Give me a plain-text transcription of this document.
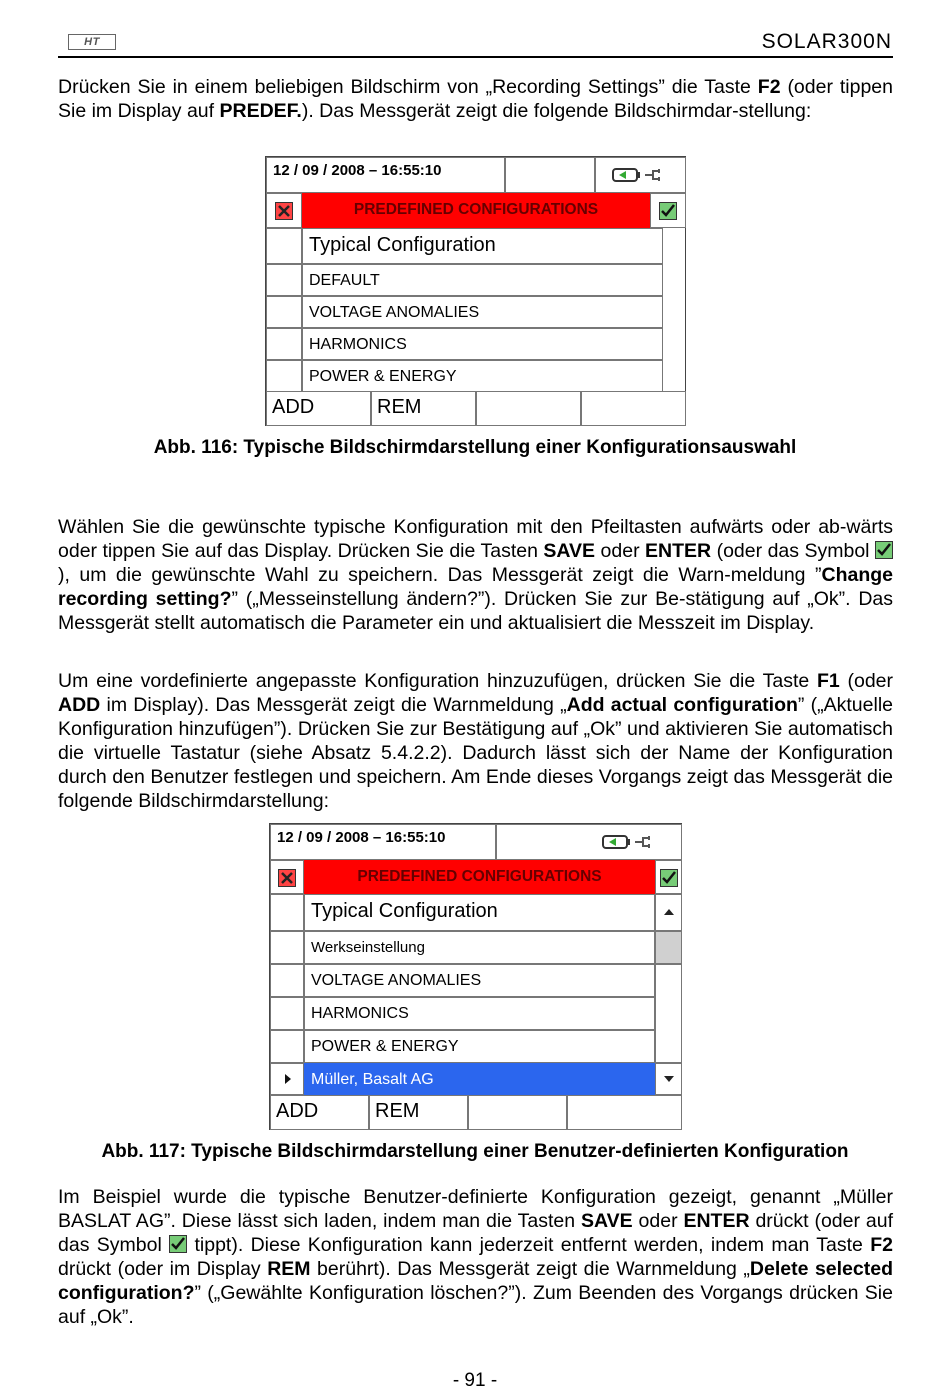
HT	SOLAR300N
Drücken Sie in einem beliebigen Bildschirm von „Recording Settings” die Taste F2 (oder tippen Sie im Display auf PREDEF.). Das Messgerät zeigt die folgende Bildschirmdar-stellung:
12 / 09 / 2008 – 16:55:10
PREDEFINED CONFIGURATIONS
Typical Configuration
DEFAULT
VOLTAGE ANOMALIES
HARMONICS
POWER & ENERGY
ADD	REM
Abb. 116: Typische Bildschirmdarstellung einer Konfigurationsauswahl
Wählen Sie die gewünschte typische Konfiguration mit den Pfeiltasten aufwärts oder ab-wärts oder tippen Sie auf das Display. Drücken Sie die Tasten SAVE oder ENTER (oder das Symbol ), um die gewünschte Wahl zu speichern. Das Messgerät zeigt die Warn-meldung ”Change recording setting?” („Messeinstellung ändern?”). Drücken Sie zur Be-stätigung auf „Ok”. Das Messgerät stellt automatisch die Parameter ein und aktualisiert die Messzeit im Display.
Um eine vordefinierte angepasste Konfiguration hinzuzufügen, drücken Sie die Taste F1 (oder ADD im Display). Das Messgerät zeigt die Warnmeldung „Add actual configuration” („Aktuelle Konfiguration hinzufügen”). Drücken Sie zur Bestätigung auf „Ok” und aktivieren Sie automatisch die virtuelle Tastatur (siehe Absatz 5.4.2.2). Dadurch lässt sich der Name der Konfiguration durch den Benutzer festlegen und speichern. Am Ende dieses Vorgangs zeigt das Messgerät die folgende Bildschirmdarstellung:
12 / 09 / 2008 – 16:55:10
PREDEFINED CONFIGURATIONS
Typical Configuration
Werkseinstellung
VOLTAGE ANOMALIES
HARMONICS
POWER & ENERGY
Müller, Basalt AG
ADD	REM
Abb. 117: Typische Bildschirmdarstellung einer Benutzer-definierten Konfiguration
Im Beispiel wurde die typische Benutzer-definierte Konfiguration gezeigt, genannt „Müller BASLAT AG”. Diese lässt sich laden, indem man die Tasten SAVE oder ENTER drückt (oder auf das Symbol  tippt). Diese Konfiguration kann jederzeit entfernt werden, indem man Taste F2 drückt (oder im Display REM berührt). Das Messgerät zeigt die Warnmeldung „Delete selected configuration?” („Gewählte Konfiguration löschen?”). Zum Beenden des Vorgangs drücken Sie auf „Ok”.
- 91 -
